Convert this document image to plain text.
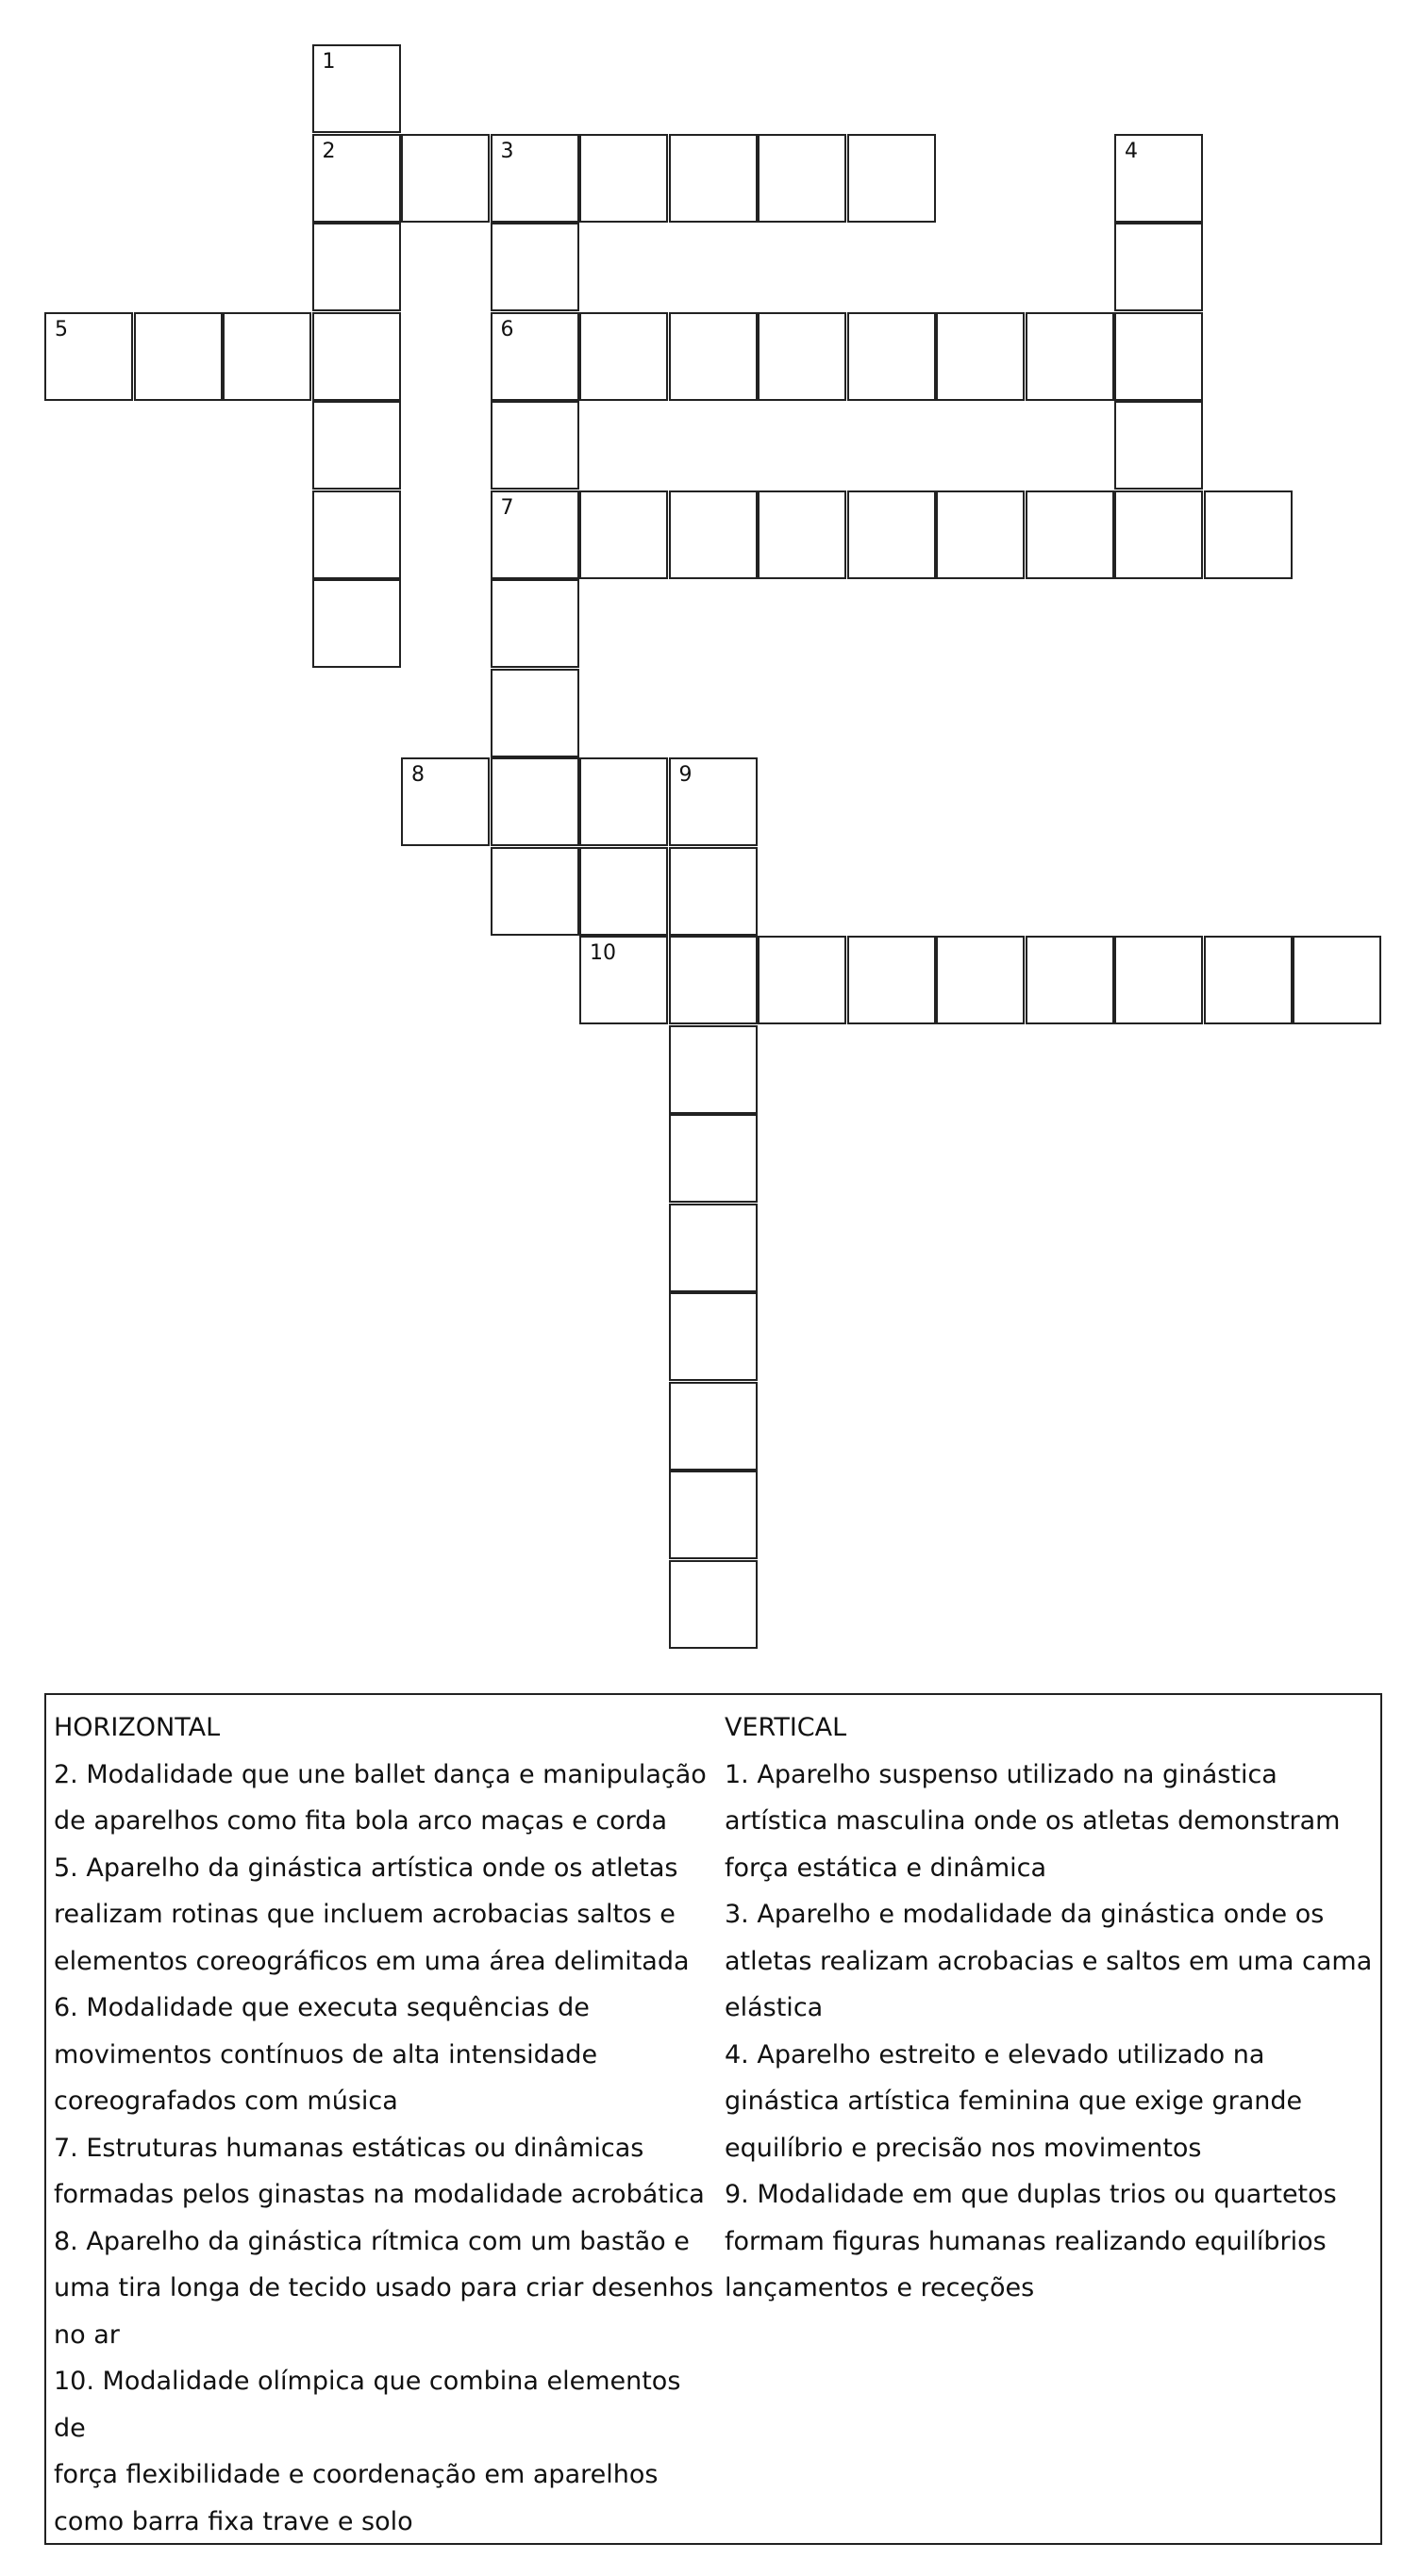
1
2	3	4
5	6
7
8	9
10
HORIZONTAL
2. Modalidade que une ballet dança e manipulação
de aparelhos como fita bola arco maças e corda
5. Aparelho da ginástica artística onde os atletas
realizam rotinas que incluem acrobacias saltos e
elementos coreográficos em uma área delimitada
6. Modalidade que executa sequências de
movimentos contínuos de alta intensidade
coreografados com música
7. Estruturas humanas estáticas ou dinâmicas
formadas pelos ginastas na modalidade acrobática
8. Aparelho da ginástica rítmica com um bastão e
uma tira longa de tecido usado para criar desenhos
no ar
10. Modalidade olímpica que combina elementos de
força flexibilidade e coordenação em aparelhos
como barra fixa trave e solo
VERTICAL
1. Aparelho suspenso utilizado na ginástica
artística masculina onde os atletas demonstram
força estática e dinâmica
3. Aparelho e modalidade da ginástica onde os
atletas realizam acrobacias e saltos em uma cama
elástica
4. Aparelho estreito e elevado utilizado na
ginástica artística feminina que exige grande
equilíbrio e precisão nos movimentos
9. Modalidade em que duplas trios ou quartetos
formam figuras humanas realizando equilíbrios
lançamentos e receções
